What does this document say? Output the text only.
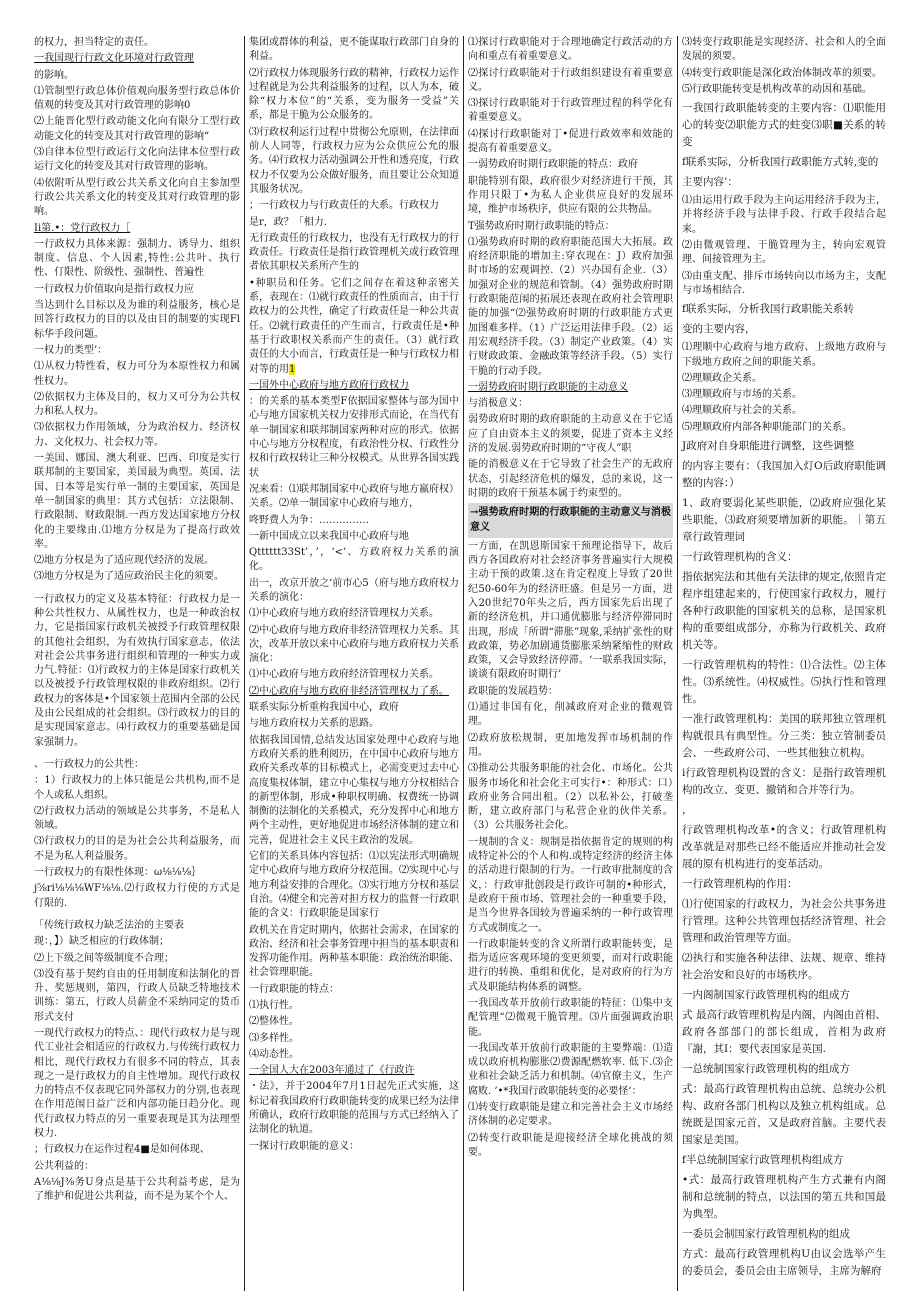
的权力，担当特定的责任。

一我国现行行政文化环境对行政管理

的影响。

⑴管制型行政总体价值观向服务型行政总体价值观的转变及其对行政管理的影响0

⑵上能晋化型行政动能文化向有限分工型行政动能文化的转变及其对行政管理的影响“

⑶自律本位型行政运行文化向法律本位型行政运行文化的转变及其对行政管理的影响。

⑷依附听从型行政公共关系文化向自主参加型行政公共关系文化的转变及其对行政管理的影响。

Ii第.•：党行政权力［

一行政权力具体来源：强制力、诱导力、组织制度、信息、个人因素,特性:公共叶、执行性、仃限性、阶级性、强制性、普遍性

一行政权力价值取向是指行政权力应

当达到什么目标以及为谁的利益服务，核心是回答行政权力的目的以及由目的制要的实现Fl标华手段问题。

一权力的类型’：

⑴从权力特性看，权力可分为本原性权力和属性权力。

⑵依据权力主体及目的，权力又可分为公共权力和私人权力。

⑶依据权力作用领域，分为政治权力、经济权力、文化权力、社会权力等。

一美国、娜国、澳大利亚、巴西、印度是实行联邦制的主要国家，美国最为典型。英国、法国、日本等是实行单一制的主要国家，英国是单一制国家的典里：其方式包括：立法限制、行政限制、财政限制.一西方发达国家地方分权化的主要缘由.⑴地方分权是为了提高行政效率。

⑵地方分权是为了适应现代经济的发展。

⑶地方分权是为了适应政治民主化的须要。

一行政权力的定义及基本特征：行政权力是一种公共性权力、从属性权力，也是一种政治权力，它是指国家行政机关被授予行政管理权限的其他社会组织，为有效执行国家意志，依法对社会公共事务进行组织和管理的一种实力或力气.特征：⑴行政权力的主体是国家行政机关以及被授予行政管理权限的非政府组织。⑵行政权力的客体是•个国家领土范围内全部的公民及由公民组成的社会组织。⑶行政权力的目的是实现国家意志。⑷行政权力的重要基础是国家强制力。

、一行政权力的公共性：

：1）行政权力的上体只能是公共机构,而不是个人或私人组织。

⑵行政权力活动的领域是公共事务，不是私人领域。

⑶行政权力的目的是为社会公共利益服务，而不是为私人利益服务。

一行政权力的有限性体现：ω⅛⅛⅛｝

j⅝ri⅛⅛⅛WF⅛⅛.⑵行政权力行使的方式是仃限的.

「传统行政权力缺乏法治的主要表

现：，】）缺乏相应的行政体制；

⑵上下级之间等级制度不合理；

⑶没有基于契约自由的任用制度和法制化的晋升、奖惩规则，第四，行政人员缺乏特地技术训练：第五，行政人员薪金不采纳同定的货币形式支付

一现代行政权力的特点、：现代行政权力是与现代工业社会相适应的行政权力.与传统行政权力相比，现代行政权力有很多不同的特点，其表现之一是行政权力的自主性增加。现代行政权力的特点不仅表现它同外部权力的分别,也表现在作用范闱日益广泛和内部功能日趋分化。现代行政权力特点的另一重要表现是其为法理型权力.

；行政权力在运作过程4■是如何体现、

公共利益的：

A⅛⅛J⅜务U身点是基于公共利益考虑，是为了维护和促进公共利益，而不是为某个个人、

集团或群体的利益，更不能谋取行政部门自身的利益。

⑵行政权力体现服务行政的精神，行政权力运作过程就是为公共利益服务的过程，以人为本，破除“权力本位”的“关系，变为服务一受益”关系，都是干脆为公众服务的。

⑶行政权利运行过程中贯彻公允原则，在法律面前人人同等，行政权力应为公众供应公允的服务。⑷行政权力活动强调公开性和透亮度，行政权力不仅要为公众做好服务，而且要让公众知道其服务状况。

；一行政权力与行政责任的大系。行政权力

是r，政？「相力.

无行政责任的行政权力，也没有无行政权力的行政责任。行政责任是指行政管理机关或行政管理者依其职权关系所产生的

•种职员和任务。它们之间存在着这种亲密关系，表现在：⑴就行政责任的性质而言，由于行政权力的公共性，确定了行政责任是一种公共责任。⑵就行政责任的产生而言，行政责任是•种基于行政职权关系而产生的责任。（3）就行政责任的大小而言，行政责任是一种与行政权力相对等的用1

一国外中心政府与地方政府行政权力

：的关系的基本类型F依据国家整体与部为国中心与地方国家机关权力安排形式而论，在当代有单一制国家和联邦制国家两种对应的形式。依据中心与地方分权程度，有政治性分权、行政性分权和行政权转让三种分权模式。从世界各国实践状

况来看：⑴联邦制国家中心政府与地方嬴府权）关系。⑵单一制国家中心政府与地方，

咚野费人为争：……………

一新中国成立以来我国中心政府与地

Qtttttt33St’，’，‘<’、方政府权力关系的演化。

出一，改京开放之‘前市心5（府与地方政府权力关系的演化：

⑴中心政府与地方政府经济管理权力关系。

⑵中心政府与地方政府非经济管理权力关系。其次，改革开放以来中心政府与地方政府权力关系演化：

⑴中心政府与地方政府经济管理权力关系。

⑵中心政府与地方政府非经济管理权力了系。

联系实际分析重构我国中心，政府

与地方政府权力关系的思路。

依据我国国情,总结发达国家处理中心政府与地方政府关系的胜利阅历，在中国中心政府与地方政府关系改革的目标模式上，必需变更过去中心高度集权体制，建立中心集权与地方分权相结合的新型体制，形成•种职权明确、权费统一协调制衡的法制化的关系模式，充分发挥中心和地方两个主动性，更好地促进市场经济体制的建立和完善，促进社会主义民主政治的发展。

它们的关系具体内容包括：⑴以宪法形式明确规定中心政府与地方政府分权范围。⑵实现中心与地方利益安排的合理化。⑶实行地方分权和基层自治。⑷健全和完善对担方权力的监督一行政职能的含义：行政职能是国家行

政机关在肯定时期内，依据社会需求，在国家的政治、经济和社会事务管理中担当的基本职责和发挥功能作用。两种基本职能：政治统治职能、社会管理职能。

一行政职能的特点：

⑴执行性。

⑵整体性。

⑶多样性。

⑷动态性。

一全国人大在2003年通过了《行政许

・法》，并于2004年7月1日起先正式实施，这标记着我国政府行政职能转变的成果已经为法律所确认，政府行政职能的范围与方式已经纳入了法制化的轨道。

一探讨行政职能的意义：

⑴探讨行政职能对于合理地确定行政活动的方向和重点有着重要意义。

⑵探讨行政职能对于行政组织建设有着重要意义。

⑶探讨行政职能对于行政管理过程的科学化有着重要意义。

⑷探讨行政职能对丁•促进行政效率和效能的提高有着重要意义。

一弱势政府时期行政职能的特点：政府

职能特别有限，政府很少对经济进行干预，其作用只限丁•为私人企业供应良好的发展环境，维护市场秩序，供应有限的公共物品。

T强势政府时期行政职能的特点：

⑴强势政府时期的政府职能范围大大拓展。政府经济职能的增加主:穿衣现在：J）政府加强时市场的宏观调控.（2）兴办国有企业.（3）加强对企业的规范和管制。（4）强势政府时期行政职能范闱的拓展还表现在政府社会管理职能的加强“⑵强势政府时期的行政职能方式更加图难多样。（1）广泛运用法律手段。（2）运用宏观经济手段。（3）制定产业政策。（4）实行财政政策、金融政策等经济手段。（5）实行干脆的行动手段。

一弱势政府时期行政职能的主动意义

与消极意义：

弱势政府时期的政府职能的主动意义在于它适应了自由资本主义的须要，促进了资本主义经济的发展.弱势政府时期的“守夜人”职

能的消极意义在于它导致了社会生产的无政府状态，引起经济危机的爆发，总的来说，这一时期的政府干预基本属于约束型的。

→强势政府时期的行政职能的主动意义与消极意义

一方面，在凯恩斯国家干预理论指导下，故后西方各国政府对社会经济事务普遍实行大规模主动干预的政策.这在肯定程度上导致了20世纪50-60年为的经济旺盛。但是另一方面，进入20世纪70年头之后，西方国家先后出现了新的经济危机，并口通优膨胀与经济停滞同时出现，形成「所谓“滞胀”现象,采纳扩张性的财政政策，势必加剧通货膨胀采纳紧缩性的财政政策，又会导致经济停滞。‘一联系我国实际，谈谈有限政府时期行’

政职能的发展趋势：

⑴通过非国有化，削减政府对企业的微观管理。

⑵政府放松规制，更加地发挥市场机制的作用。

⑶推动公共服务职能的社会化、市场化。公共服务市场化和社会化主可实行•：种形式：口）政府业务合同出租。（2）以私补公，打破垄断，建立政府部门与私营企业的伙伴关系。（3）公共服务社会化。

一规制的含义：规制是指依据肯定的规则的构成特定补公的个人和构.或特定经济的经济主体的活动进行限制的行为。一行政审批制度的含义，：行政审批创段是行政许可制的•种形式，是政府干预市场、管理社会的一种重要手段，是当今世界各国较为普遍采纳的一种行政管理方式或制度之一。

一行政职能转变的含义所谓行政职能转变，是指为适应客观环境的变更须要，而对行政职能进行的转换、重组和优化，是对政府的行为方式及职能结构体系的调整。

一我国改革开放前行政职能的特征：⑴集中支配管理“⑵微观干脆管理。⑶片面强调政治职能。

一我国改革开放前行政职能的主要弊端：⑴造成以政府机构膨胀⑵费源配燃软率. 低下.⑶企业和社会缺乏活力和机制。⑷官僚主义，生产腐败. ’•*我国行政职能转变的必要怪‘：

⑴转变行政职能是建立和完善社会主义市场经济体制的必定要求。

⑵转变行政职能是迎接经济全球化挑战的须要。

⑶转变行政职能是实现经济、社会和人的全面发展的须要。

⑷转变行政职能是深化政治体制改革的须要。

⑸行政职能转变是机构改革的动因和基础。

一我国行政职能转变的主要内容：⑴职能用心的转变⑵职能方式的蛀变⑶职■关系的转变

f联系实际，分析我国行政职能方式转,变的

主要内容’：

⑴由运用行政手段为主向运用经济手段为主，并将经济手段与法律手段、行政手段结合起来。

⑵由微观管理、干脆管理为主，转向宏观管理、间接管理为主。

⑶由重支配、排斥市场转向以市场为主，支配与市场相结合.

f联系实际，分析我国行政职能关系转

变的主要内容，

⑴理顺中心政府与地方政府、上级地方政府与下级地方政府之间的职能关系。

⑵理顺政企关系。

⑶理顺政府与市场的关系。

⑷理顺政府与社会的关系。

⑸理顺政府内部各种职能部门的关系。

J政府对自身职能进行调整，这些调整

的内容主要有：（我国加入灯O后政府职能调整的内容：）

1、政府要弱化某些职能，⑵政府应强化某些职能，⑶政府须要增加新的职能。｜第五章行政管理词

一行政管理机构的含义：

指依据宪法和其他有关法律的规定,依照肯定程序组建起来的，行使国家行政权力，履行各种行政职能的国家机关的总称，是国家机构的重要组成部分，亦称为行政机关、政府机关等。

一行政管理机构的特性：⑴合法性。⑵主体性。⑶系统性。⑷权威性。⑸执行性和管理性。

一准行政管理机构：美国的联邦独立管理机构就很具有典型性。分三类：独立管制委员会、一些政府公司、一些其他独立机构。

i行政管理机构设置的含义：是指行政管理机构的改立、变更、撤销和合并等行为。

，

行政管理机构改革•的含义；行政管理机构改革就是对那些已经不能适应并推动社会发展的原有机构进行的变革活动。

一行政管理机构的作用：

⑴行使国家的行政权力，为社会公共事务进行管理。这种公共管理包括经济管理、社会管理和政治管理等方面。

⑵执行和实施各种法律、法规、规章、维持社会治安和良好的市场秩序。

一内阁制国家行政管理机构的组成方

式 最高行政管理机构是内阁，内阁由首相、政府各部部门的部长组成，首相为政府『謝，其I：要代表国家是英国.

一总统制国家行政管理机构的组成方

式：最高行政管理机构由总统、总统办公机构、政府各部门机构以及独立机构组成。总统既是国家元首，又是政府首脑。主要代表国家是美国。

f半总统制国家行政管理机构组成方

•式：最高行政管理机构产生方式兼有内阁制和总统制的特点，以法国的第五共和国最为典型。

一委员会制国家行政管理机构的组成

方式：最高行政管理机构U由议会选举产生的委员会，委员会由主席领导，主席为解府
